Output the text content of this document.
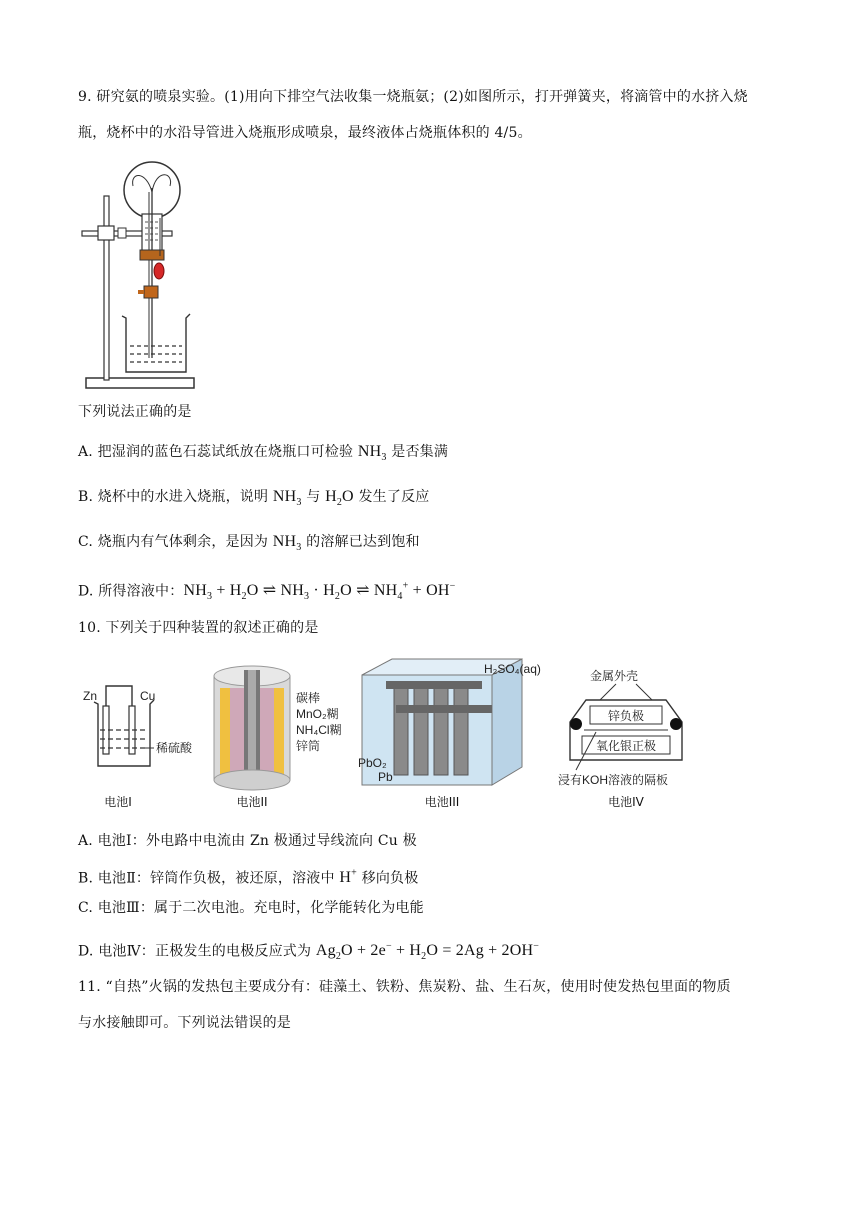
9. 研究氨的喷泉实验。(1)用向下排空气法收集一烧瓶氨；(2)如图所示，打开弹簧夹，将滴管中的水挤入烧
瓶，烧杯中的水沿导管进入烧瓶形成喷泉，最终液体占烧瓶体积的 4/5。
下列说法正确的是
A. 把湿润的蓝色石蕊试纸放在烧瓶口可检验 $NH_3$ 是否集满
B. 烧杯中的水进入烧瓶，说明 $NH_3$ 与 $H_2O$ 发生了反应
C. 烧瓶内有气体剩余，是因为 $NH_3$ 的溶解已达到饱和
D. 所得溶液中：$NH_3 + H_2O$ ⇌ $NH_3 \cdot H_2O$ ⇌ $NH_4^+ + OH^-$
10. 下列关于四种装置的叙述正确的是
Zn	Cu
稀硫酸
电池I
碳棒
MnO₂糊
NH₄Cl糊
锌筒
电池II
H₂SO₄(aq)
PbO₂
Pb
电池III
金属外壳
锌负极
氧化银正极
浸有KOH溶液的隔板
电池IV
A. 电池Ⅰ：外电路中电流由 Zn 极通过导线流向 Cu 极
B. 电池Ⅱ：锌筒作负极，被还原，溶液中 H+ 移向负极
C. 电池Ⅲ：属于二次电池。充电时，化学能转化为电能
D. 电池Ⅳ：正极发生的电极反应式为 $Ag_2O + 2e^- + H_2O = 2Ag + 2OH^-$
11. “自热”火锅的发热包主要成分有：硅藻土、铁粉、焦炭粉、盐、生石灰，使用时使发热包里面的物质
与水接触即可。下列说法错误的是
